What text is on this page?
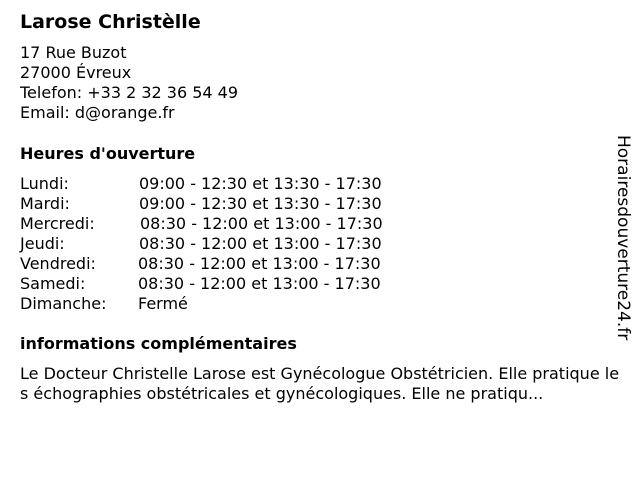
Larose Christèlle
17 Rue Buzot
27000 Évreux
Telefon: +33 2 32 36 54 49
Email: d@orange.fr
Heures d'ouverture
Lundi:	09:00 - 12:30 et 13:30 - 17:30
Mardi:	09:00 - 12:30 et 13:30 - 17:30
Mercredi:	08:30 - 12:00 et 13:00 - 17:30
Jeudi:	08:30 - 12:00 et 13:00 - 17:30
Vendredi:	08:30 - 12:00 et 13:00 - 17:30
Samedi:	08:30 - 12:00 et 13:00 - 17:30
Dimanche: Fermé
informations complémentaires
Le Docteur Christelle Larose est Gynécologue Obstétricien. Elle pratique les échographies obstétricales et gynécologiques. Elle ne pratiqu...
Horairesdouverture24.fr
